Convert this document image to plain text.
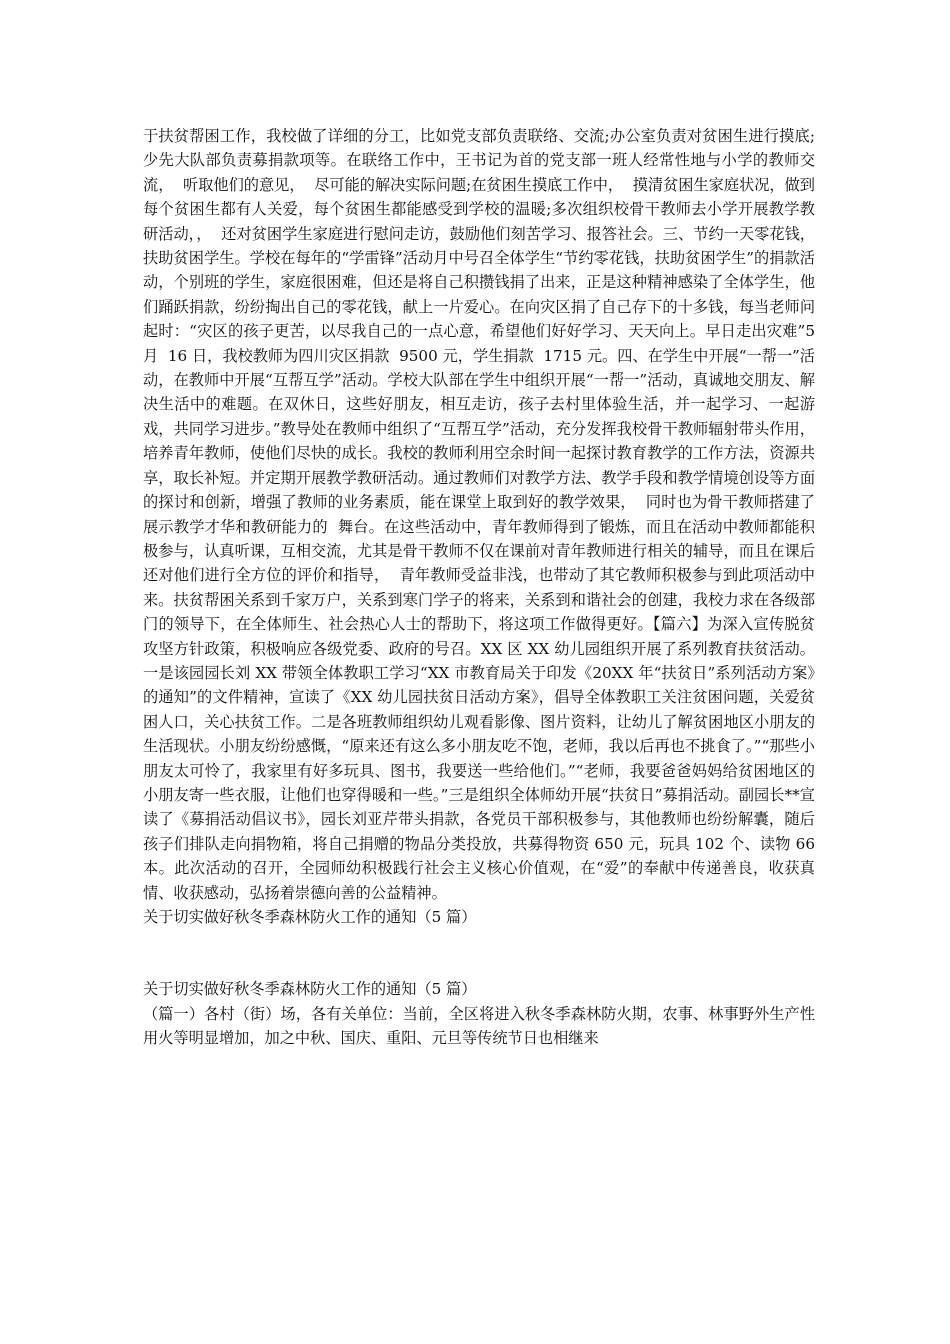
于扶贫帮困工作，我校做了详细的分工，比如党支部负责联络、交流;办公室负责对贫困生进行摸底;少先大队部负责募捐款项等。在联络工作中，王书记为首的党支部一班人经常性地与小学的教师交流，  听取他们的意见，  尽可能的解决实际问题;在贫困生摸底工作中，  摸清贫困生家庭状况，做到每个贫困生都有人关爱，每个贫困生都能感受到学校的温暖;多次组织校骨干教师去小学开展教学教研活动，，  还对贫困学生家庭进行慰问走访，鼓励他们刻苦学习、报答社会。三、节约一天零花钱，扶助贫困学生。学校在每年的“学雷锋”活动月中号召全体学生“节约零花钱，扶助贫困学生”的捐款活动，个别班的学生，家庭很困难，但还是将自己积攒钱捐了出来，正是这种精神感染了全体学生，他们踊跃捐款，纷纷掏出自己的零花钱，献上一片爱心。在向灾区捐了自己存下的十多钱，每当老师问起时：“灾区的孩子更苦，以尽我自己的一点心意，希望他们好好学习、天天向上。早日走出灾难”5 月  16 日，我校教师为四川灾区捐款  9500 元，学生捐款  1715 元。四、在学生中开展“一帮一”活动，在教师中开展“互帮互学”活动。学校大队部在学生中组织开展“一帮一”活动，真诚地交朋友、解决生活中的难题。在双休日，这些好朋友，相互走访，孩子去村里体验生活，并一起学习、一起游戏，共同学习进步。”教导处在教师中组织了“互帮互学”活动，充分发挥我校骨干教师辐射带头作用，培养青年教师，使他们尽快的成长。我校的教师利用空余时间一起探讨教育教学的工作方法，资源共享，取长补短。并定期开展教学教研活动。通过教师们对教学方法、教学手段和教学情境创设等方面的探讨和创新，增强了教师的业务素质，能在课堂上取到好的教学效果，  同时也为骨干教师搭建了展示教学才华和教研能力的  舞台。在这些活动中，青年教师得到了锻炼，而且在活动中教师都能积极参与，认真听课，互相交流，尤其是骨干教师不仅在课前对青年教师进行相关的辅导，而且在课后还对他们进行全方位的评价和指导，  青年教师受益非浅，也带动了其它教师积极参与到此项活动中来。扶贫帮困关系到千家万户，关系到寒门学子的将来，关系到和谐社会的创建，我校力求在各级部门的领导下，在全体师生、社会热心人士的帮助下，将这项工作做得更好。【篇六】为深入宣传脱贫攻坚方针政策，积极响应各级党委、政府的号召。XX 区 XX 幼儿园组织开展了系列教育扶贫活动。一是该园园长刘 XX 带领全体教职工学习“XX 市教育局关于印发《20XX 年“扶贫日”系列活动方案》的通知”的文件精神，宣读了《XX 幼儿园扶贫日活动方案》，倡导全体教职工关注贫困问题，关爱贫困人口，关心扶贫工作。二是各班教师组织幼儿观看影像、图片资料，让幼儿了解贫困地区小朋友的生活现状。小朋友纷纷感慨，“原来还有这么多小朋友吃不饱，老师，我以后再也不挑食了。”“那些小朋友太可怜了，我家里有好多玩具、图书，我要送一些给他们。”“老师，我要爸爸妈妈给贫困地区的小朋友寄一些衣服，让他们也穿得暖和一些。”三是组织全体师幼开展“扶贫日”募捐活动。副园长**宣读了《募捐活动倡议书》，园长刘亚芹带头捐款，各党员干部积极参与，其他教师也纷纷解囊，随后孩子们排队走向捐物箱，将自己捐赠的物品分类投放，共募得物资 650 元，玩具 102 个、读物 66 本。此次活动的召开，全园师幼积极践行社会主义核心价值观，在“爱”的奉献中传递善良，收获真情、收获感动，弘扬着崇德向善的公益精神。

关于切实做好秋冬季森林防火工作的通知（5 篇）

关于切实做好秋冬季森林防火工作的通知（5 篇）

（篇一）各村（街）场，各有关单位：当前，全区将进入秋冬季森林防火期，农事、林事野外生产性用火等明显增加，加之中秋、国庆、重阳、元旦等传统节日也相继来
